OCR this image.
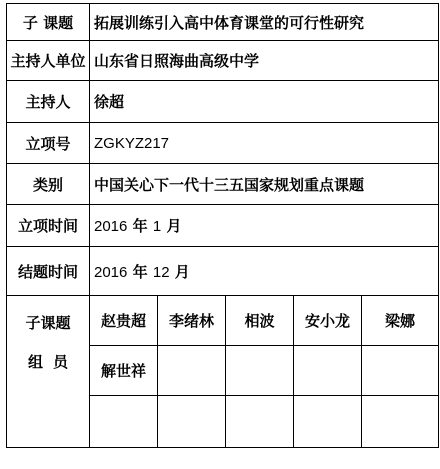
子 课题	拓展训练引入高中体育课堂的可行性研究				
主持人单位	山东省日照海曲高级中学				
主持人	徐超				
立项号	ZGKYZ217				
类别	中国关心下一代十三五国家规划重点课题				
立项时间	2016 年 1 月				
结题时间	2016 年 12 月				

子课题
组员	赵贵超	李绪林	相波	安小龙	梁娜
	解世祥				
